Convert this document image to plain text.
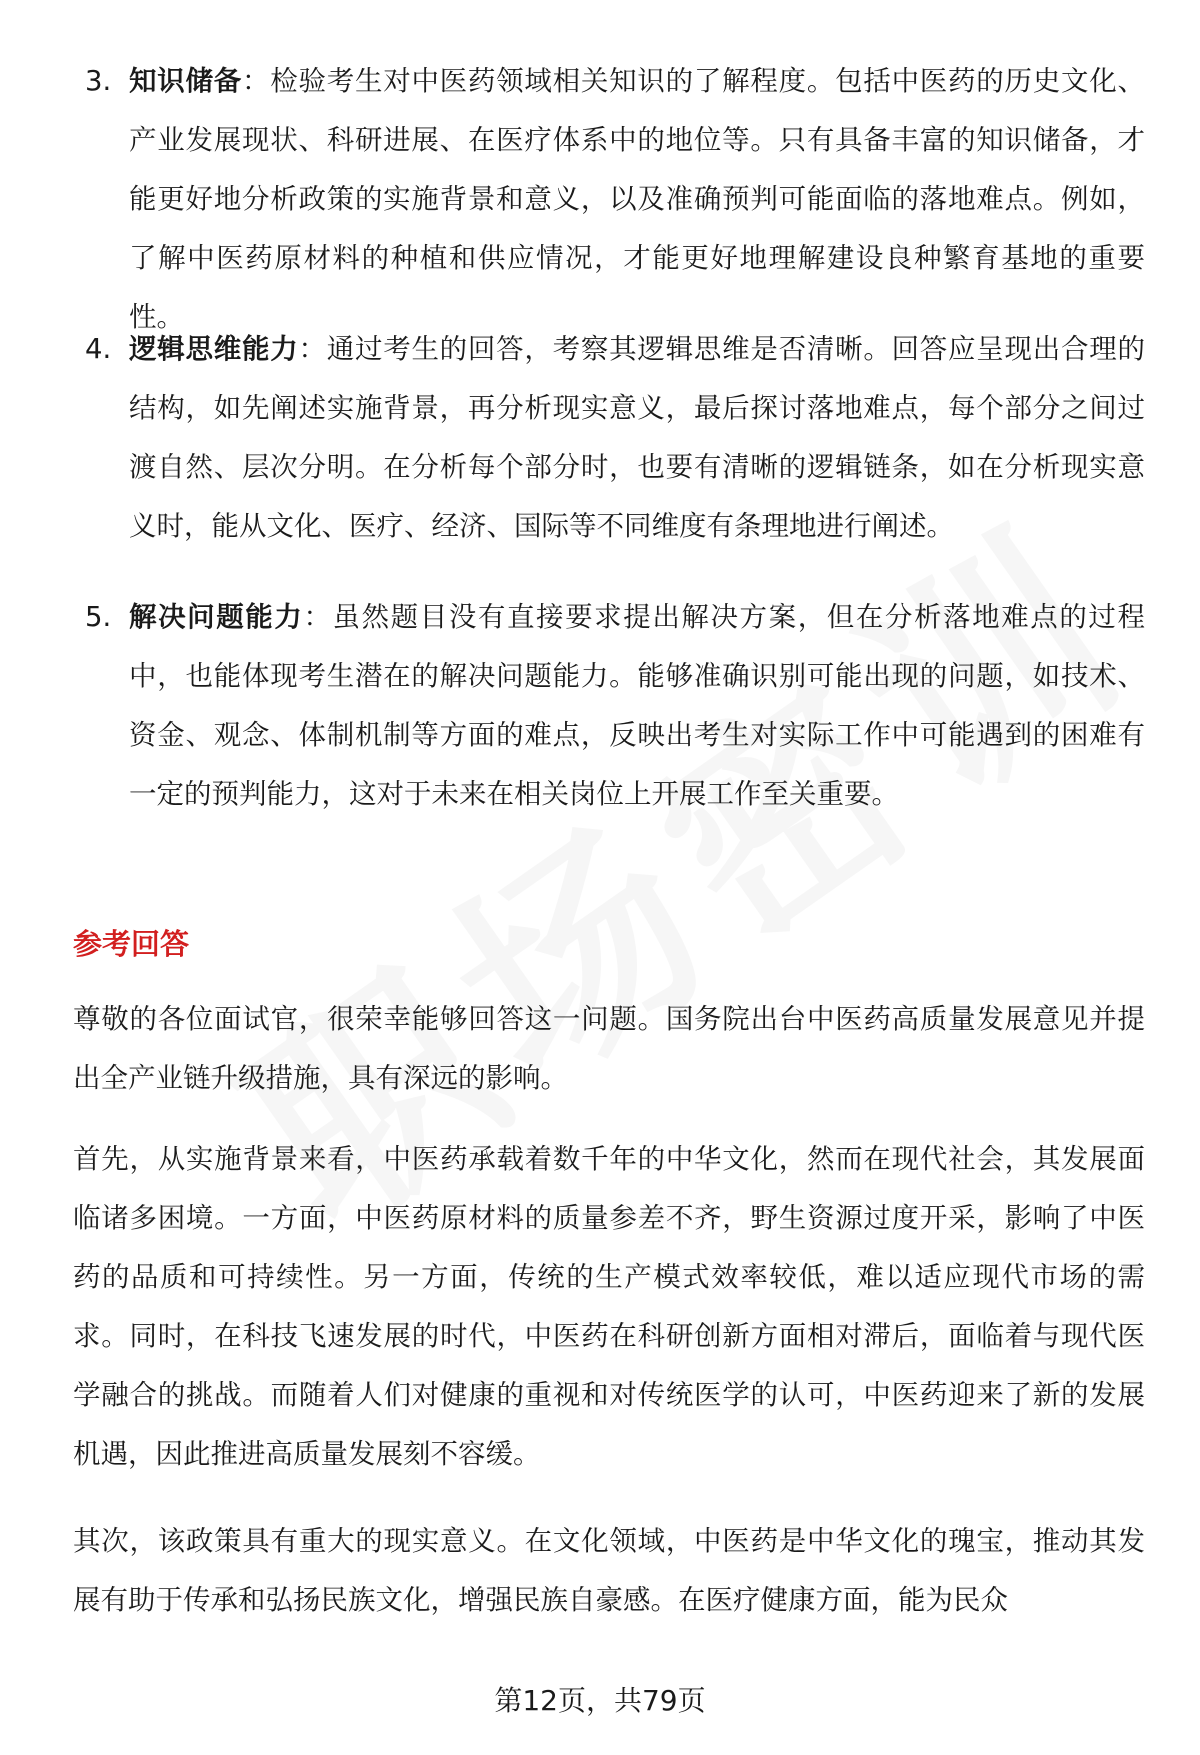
3. 知识储备：检验考生对中医药领域相关知识的了解程度。包括中医药的历史文化、产业发展现状、科研进展、在医疗体系中的地位等。只有具备丰富的知识储备，才能更好地分析政策的实施背景和意义，以及准确预判可能面临的落地难点。例如，了解中医药原材料的种植和供应情况，才能更好地理解建设良种繁育基地的重要性。
4. 逻辑思维能力：通过考生的回答，考察其逻辑思维是否清晰。回答应呈现出合理的结构，如先阐述实施背景，再分析现实意义，最后探讨落地难点，每个部分之间过渡自然、层次分明。在分析每个部分时，也要有清晰的逻辑链条，如在分析现实意义时，能从文化、医疗、经济、国际等不同维度有条理地进行阐述。
5. 解决问题能力：虽然题目没有直接要求提出解决方案，但在分析落地难点的过程中，也能体现考生潜在的解决问题能力。能够准确识别可能出现的问题，如技术、资金、观念、体制机制等方面的难点，反映出考生对实际工作中可能遇到的困难有一定的预判能力，这对于未来在相关岗位上开展工作至关重要。
参考回答
尊敬的各位面试官，很荣幸能够回答这一问题。国务院出台中医药高质量发展意见并提出全产业链升级措施，具有深远的影响。
首先，从实施背景来看，中医药承载着数千年的中华文化，然而在现代社会，其发展面临诸多困境。一方面，中医药原材料的质量参差不齐，野生资源过度开采，影响了中医药的品质和可持续性。另一方面，传统的生产模式效率较低，难以适应现代市场的需求。同时，在科技飞速发展的时代，中医药在科研创新方面相对滞后，面临着与现代医学融合的挑战。而随着人们对健康的重视和对传统医学的认可，中医药迎来了新的发展机遇，因此推进高质量发展刻不容缓。
其次，该政策具有重大的现实意义。在文化领域，中医药是中华文化的瑰宝，推动其发展有助于传承和弘扬民族文化，增强民族自豪感。在医疗健康方面，能为民众
第12页，共79页
